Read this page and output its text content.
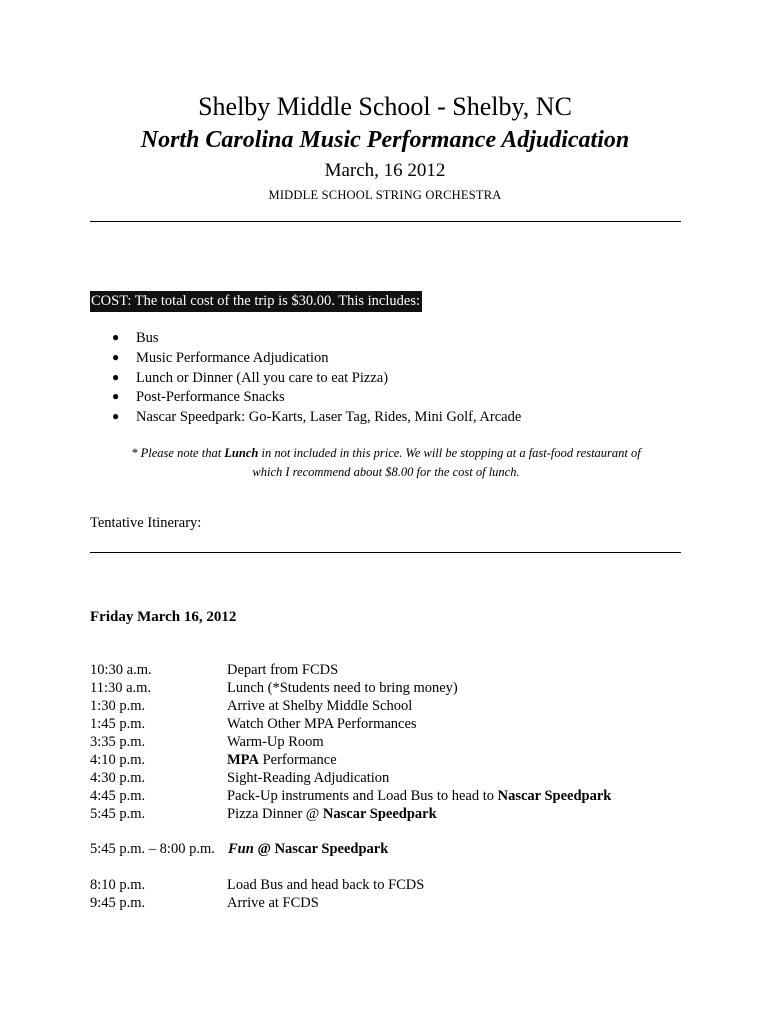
Shelby Middle School - Shelby, NC
North Carolina Music Performance Adjudication
March, 16 2012
MIDDLE SCHOOL STRING ORCHESTRA
COST: The total cost of the trip is $30.00. This includes:
● Bus
● Music Performance Adjudication
● Lunch or Dinner (All you care to eat Pizza)
● Post-Performance Snacks
● Nascar Speedpark: Go-Karts, Laser Tag, Rides, Mini Golf, Arcade
* Please note that Lunch in not included in this price. We will be stopping at a fast-food restaurant of
which I recommend about $8.00 for the cost of lunch.
Tentative Itinerary:
Friday March 16, 2012
10:30 a.m.	Depart from FCDS
11:30 a.m.	Lunch (*Students need to bring money)
1:30 p.m.	Arrive at Shelby Middle School
1:45 p.m.	Watch Other MPA Performances
3:35 p.m.	Warm-Up Room
4:10 p.m.	MPA Performance
4:30 p.m.	Sight-Reading Adjudication
4:45 p.m.	Pack-Up instruments and Load Bus to head to Nascar Speedpark
5:45 p.m.	Pizza Dinner @ Nascar Speedpark
5:45 p.m. – 8:00 p.m. Fun @ Nascar Speedpark
8:10 p.m.	Load Bus and head back to FCDS
9:45 p.m.	Arrive at FCDS
